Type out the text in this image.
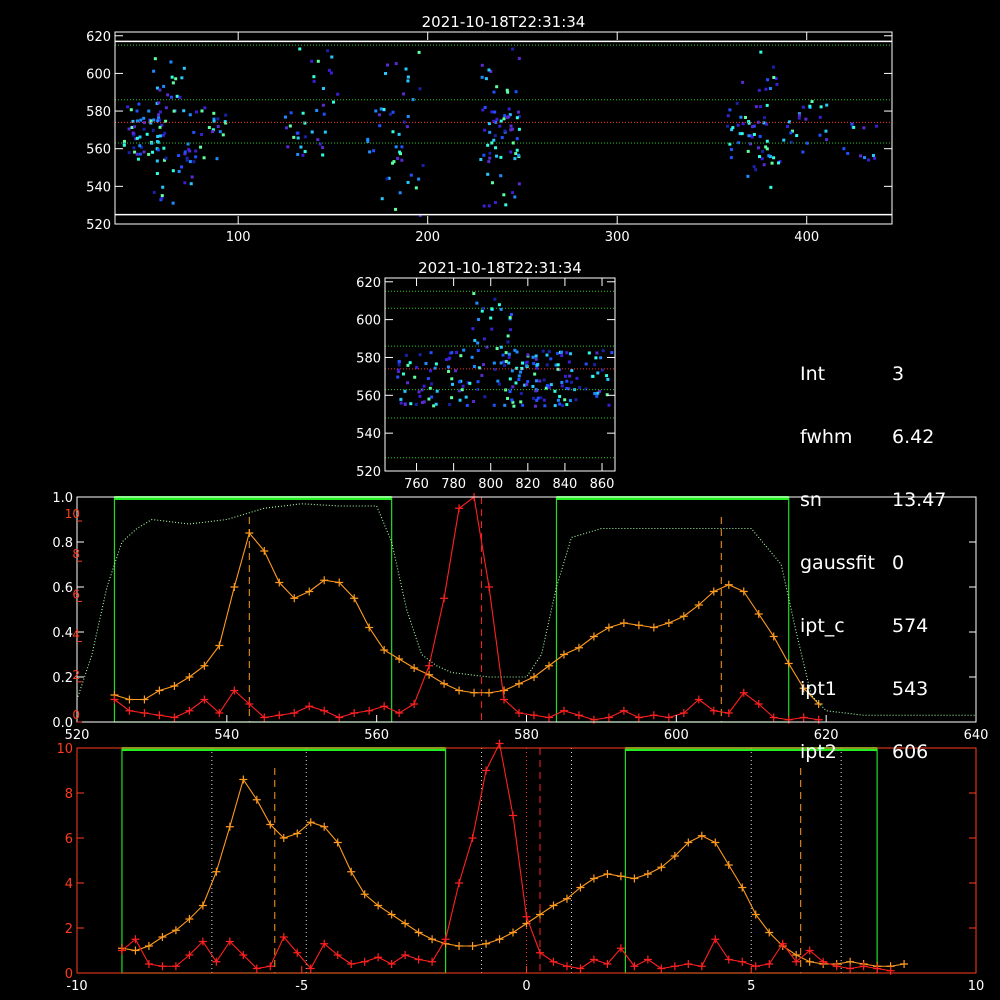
100	200	300	400
520
540
560
580
600
620
2021-10-18T22:31:34
760 780 800 820 840 860
520
540
560
580
600
620
2021-10-18T22:31:34
520	540	560	580	600	620	640
0.0
0.2
0.4
0.6
0.8
1.0
0
2
4
6
8
10
-10	-5	0	5	10
0
2
4
6
8
10

Int	3

fwhm 6.42

sn	13.47

gaussfit 0

ipt_c 574

ipt1	543

ipt2	606
